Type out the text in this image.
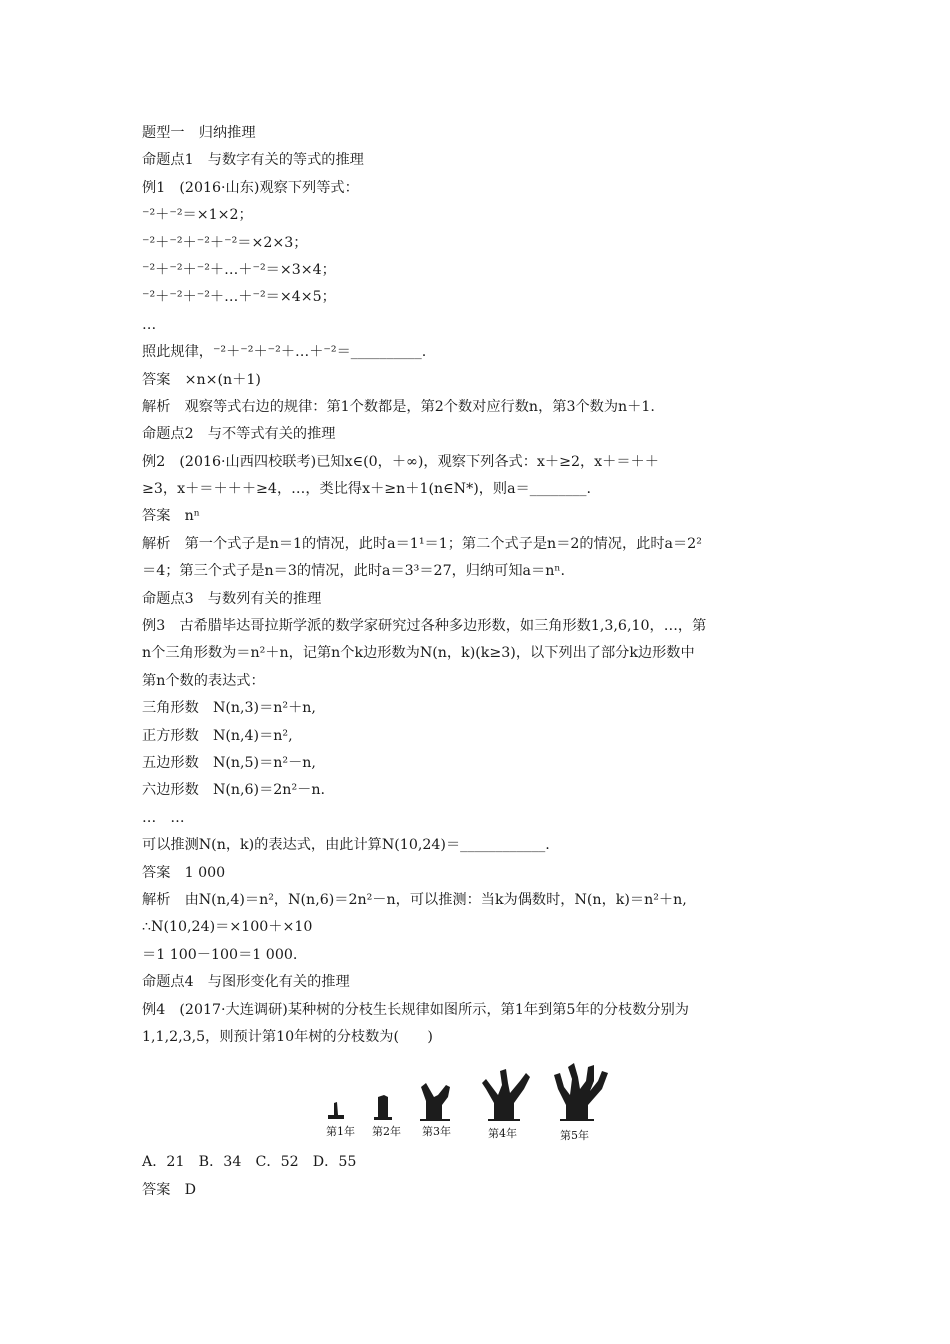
题型一　归纳推理
命题点1　与数字有关的等式的推理
例1　(2016·山东)观察下列等式：
⁻²＋⁻²＝×1×2；
⁻²＋⁻²＋⁻²＋⁻²＝×2×3；
⁻²＋⁻²＋⁻²＋…＋⁻²＝×3×4；
⁻²＋⁻²＋⁻²＋…＋⁻²＝×4×5；
…
照此规律，⁻²＋⁻²＋⁻²＋…＋⁻²＝__________.
答案　×n×(n＋1)
解析　观察等式右边的规律：第1个数都是，第2个数对应行数n，第3个数为n＋1.
命题点2　与不等式有关的推理
例2　(2016·山西四校联考)已知x∈(0，＋∞)，观察下列各式：x＋≥2，x＋＝＋＋
≥3，x＋＝＋＋＋≥4，…，类比得x＋≥n＋1(n∈N*)，则a＝________.
答案　nⁿ
解析　第一个式子是n＝1的情况，此时a＝1¹＝1；第二个式子是n＝2的情况，此时a＝2²
＝4；第三个式子是n＝3的情况，此时a＝3³＝27，归纳可知a＝nⁿ.
命题点3　与数列有关的推理
例3　古希腊毕达哥拉斯学派的数学家研究过各种多边形数，如三角形数1,3,6,10，…，第
n个三角形数为＝n²＋n，记第n个k边形数为N(n，k)(k≥3)，以下列出了部分k边形数中
第n个数的表达式：
三角形数　N(n,3)＝n²＋n,
正方形数　N(n,4)＝n²,
五边形数　N(n,5)＝n²－n,
六边形数　N(n,6)＝2n²－n.
…　…
可以推测N(n，k)的表达式，由此计算N(10,24)＝____________.
答案　1 000
解析　由N(n,4)＝n²，N(n,6)＝2n²－n，可以推测：当k为偶数时，N(n，k)＝n²＋n,
∴N(10,24)＝×100＋×10
＝1 100－100＝1 000.
命题点4　与图形变化有关的推理
例4　(2017·大连调研)某种树的分枝生长规律如图所示，第1年到第5年的分枝数分别为
1,1,2,3,5，则预计第10年树的分枝数为(　　)
第1年 第2年 第3年	第4年	第5年
A．21　B．34　C．52　D．55
答案　D
